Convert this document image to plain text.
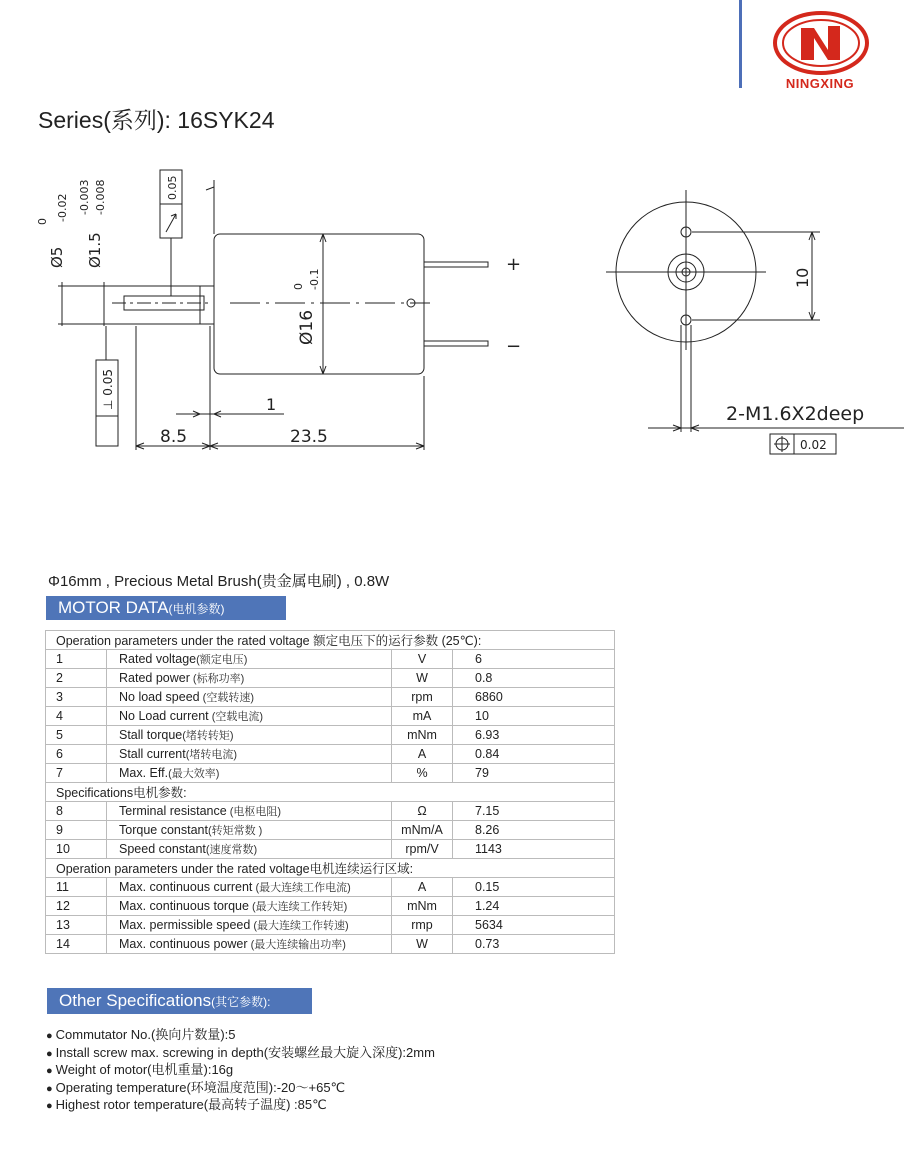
NINGXING
Series(系列): 16SYK24
0.05
Ø1.5
-0.003 -0.008
Ø5
0 -0.02
Ø16
0 -0.1
+
−
⊥ 0.05
8.5	23.5
1
10
2-M1.6X2deep
0.02
Φ16mm , Precious Metal Brush(贵金属电刷) , 0.8W
MOTOR DATA(电机参数)
Operation parameters under the rated voltage 额定电压下的运行参数 (25℃):			
1	Rated voltage(额定电压)	V	6
2	Rated power (标称功率)	W	0.8
3	No load speed (空载转速)	rpm	6860
4	No Load current (空载电流)	mA	10
5	Stall torque(堵转转矩)	mNm	6.93
6	Stall current(堵转电流)	A	0.84
7	Max. Eff.(最大效率)	%	79
Specifications电机参数:			
8	Terminal resistance (电枢电阻)	Ω	7.15
9	Torque constant(转矩常数 )	mNm/A	8.26
10	Speed constant(速度常数)	rpm/V	1143
Operation parameters under the rated voltage电机连续运行区域:			
11	Max. continuous current (最大连续工作电流)	A	0.15
12	Max. continuous torque (最大连续工作转矩)	mNm	1.24
13	Max. permissible speed (最大连续工作转速)	rmp	5634
14	Max. continuous power (最大连续输出功率)	W	0.73
Other Specifications(其它参数):
● Commutator No.(换向片数量):5
● Install screw max. screwing in depth(安装螺丝最大旋入深度):2mm
● Weight of motor(电机重量):16g
● Operating temperature(环境温度范围):-20～+65℃
● Highest rotor temperature(最高转子温度) :85℃
